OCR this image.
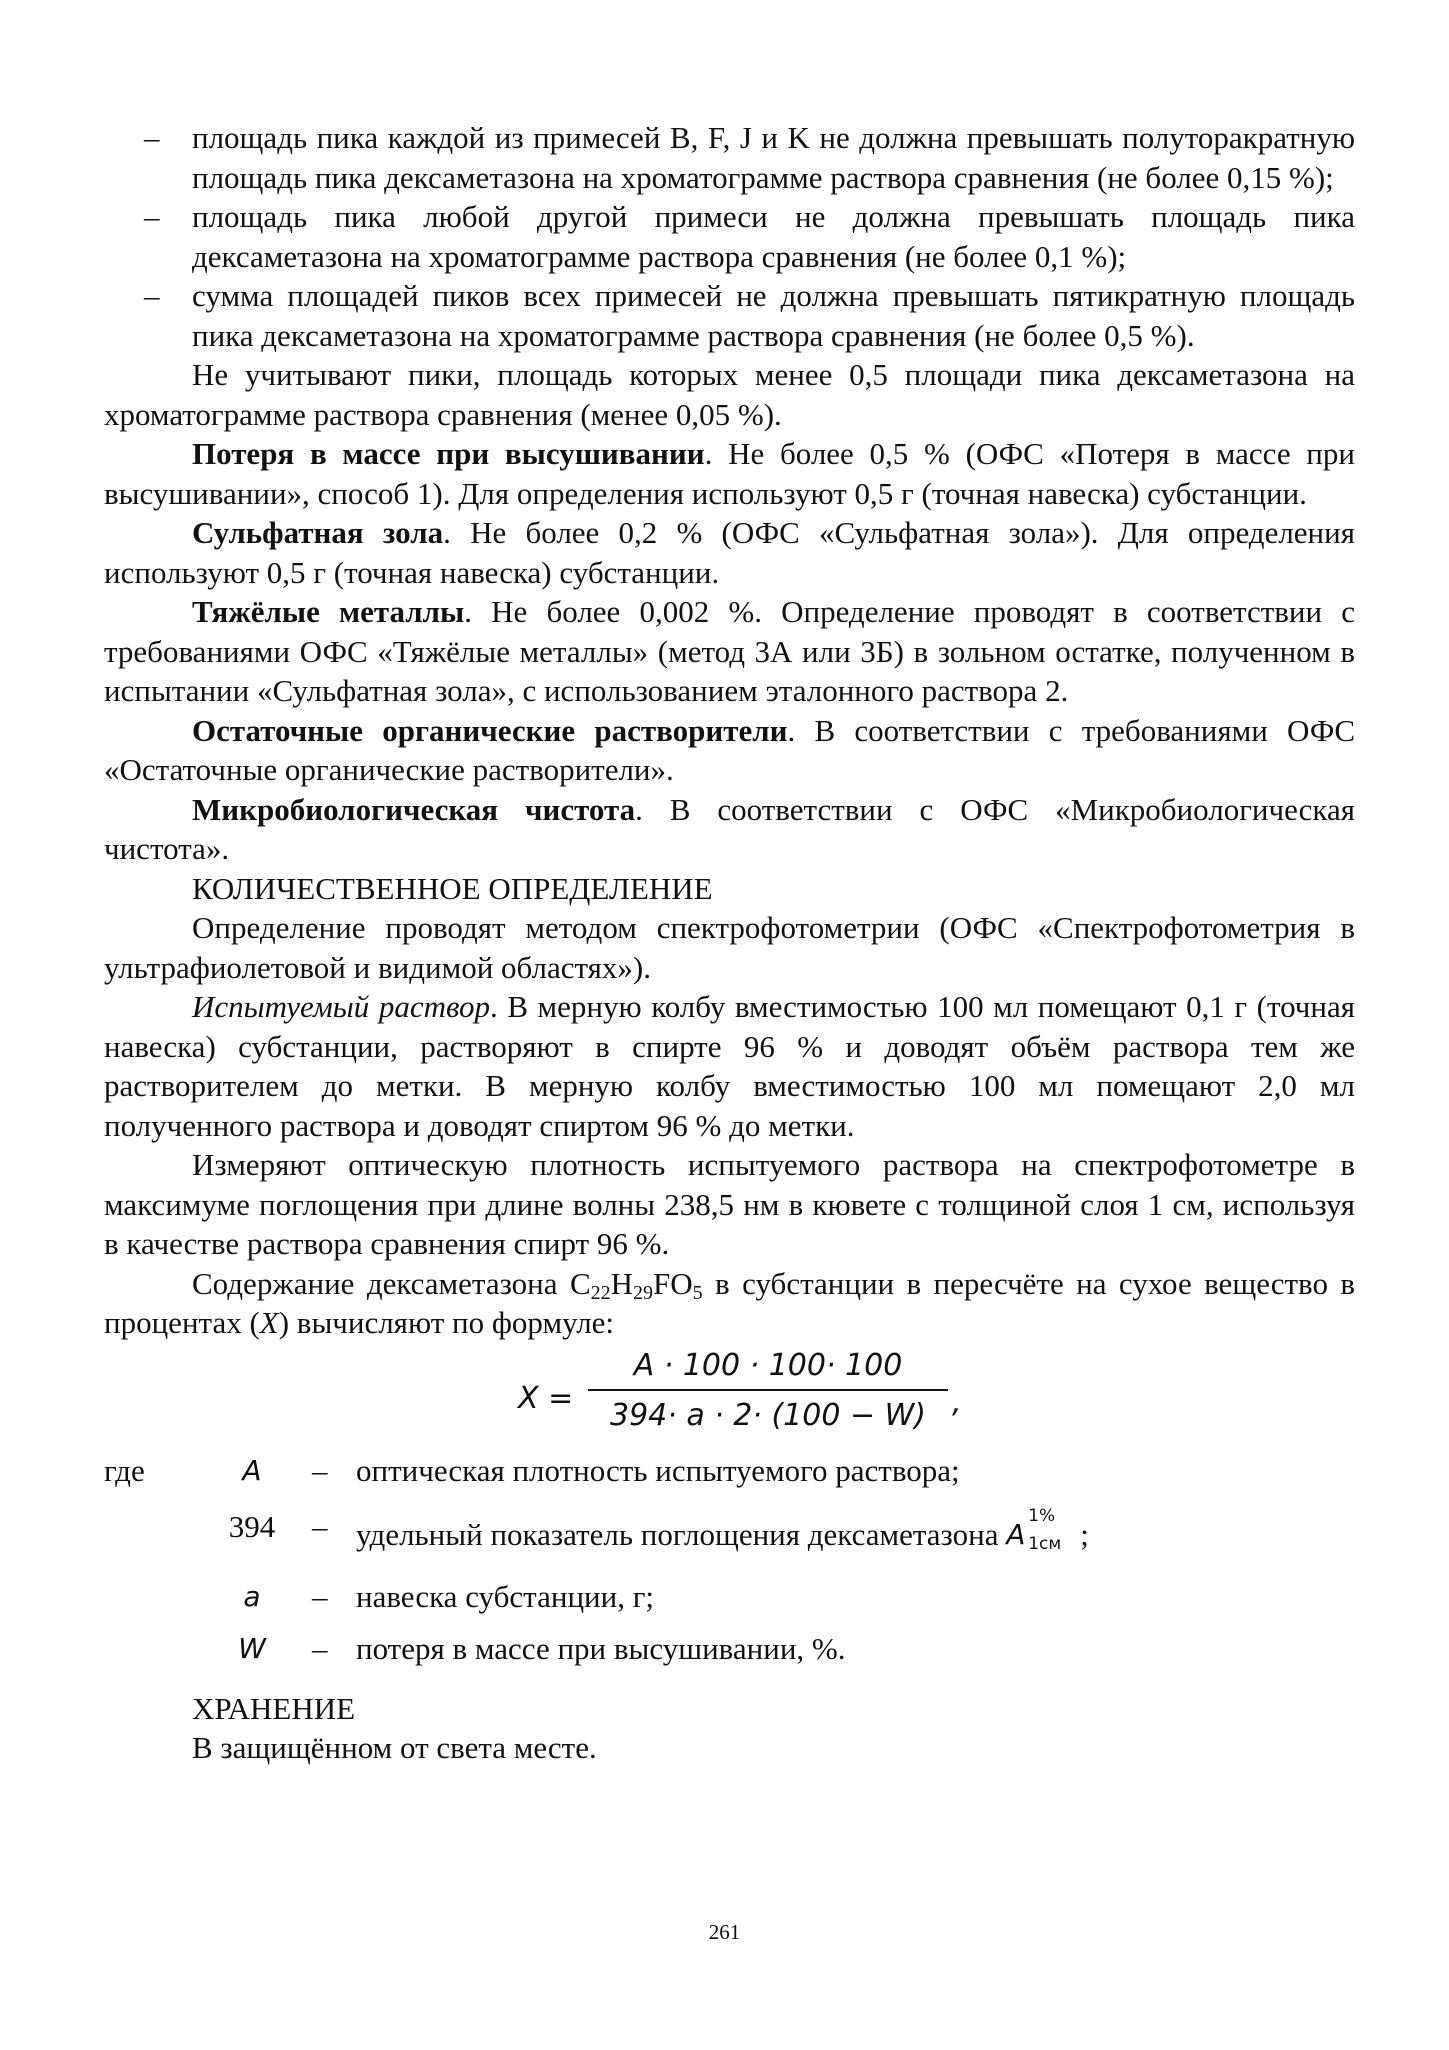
– площадь пика каждой из примесей B, F, J и K не должна превышать полуторакратную площадь пика дексаметазона на хроматограмме раствора сравнения (не более 0,15 %);
– площадь пика любой другой примеси не должна превышать площадь пика дексаметазона на хроматограмме раствора сравнения (не более 0,1 %);
– сумма площадей пиков всех примесей не должна превышать пятикратную площадь пика дексаметазона на хроматограмме раствора сравнения (не более 0,5 %).

Не учитывают пики, площадь которых менее 0,5 площади пика дексаметазона на хроматограмме раствора сравнения (менее 0,05 %).

Потеря в массе при высушивании. Не более 0,5 % (ОФС «Потеря в массе при высушивании», способ 1). Для определения используют 0,5 г (точная навеска) субстанции.

Сульфатная зола. Не более 0,2 % (ОФС «Сульфатная зола»). Для определения используют 0,5 г (точная навеска) субстанции.

Тяжёлые металлы. Не более 0,002 %. Определение проводят в соответствии с требованиями ОФС «Тяжёлые металлы» (метод 3А или 3Б) в зольном остатке, полученном в испытании «Сульфатная зола», с использованием эталонного раствора 2.

Остаточные органические растворители. В соответствии с требованиями ОФС «Остаточные органические растворители».

Микробиологическая чистота. В соответствии с ОФС «Микробиологическая чистота».

КОЛИЧЕСТВЕННОЕ ОПРЕДЕЛЕНИЕ

Определение проводят методом спектрофотометрии (ОФС «Спектрофотометрия в ультрафиолетовой и видимой областях»).

Испытуемый раствор. В мерную колбу вместимостью 100 мл помещают 0,1 г (точная навеска) субстанции, растворяют в спирте 96 % и доводят объём раствора тем же растворителем до метки. В мерную колбу вместимостью 100 мл помещают 2,0 мл полученного раствора и доводят спиртом 96 % до метки.

Измеряют оптическую плотность испытуемого раствора на спектрофотометре в максимуме поглощения при длине волны 238,5 нм в кювете с толщиной слоя 1 см, используя в качестве раствора сравнения спирт 96 %.

Содержание дексаметазона $C_{22}H_{29}FO_5$ в субстанции в пересчёте на сухое вещество в процентах (X) вычисляют по формуле:

$X = \frac{A \cdot 100 \cdot 100\cdot 100}{394\cdot a \cdot 2\cdot (100 - W)}$ ,
где	A	– оптическая плотность испытуемого раствора;
394 – удельный показатель поглощения дексаметазона A
1%
1см ;
a	– навеска субстанции, г;
W	– потеря в массе при высушивании, %.

ХРАНЕНИЕ

В защищённом от света месте.

261
